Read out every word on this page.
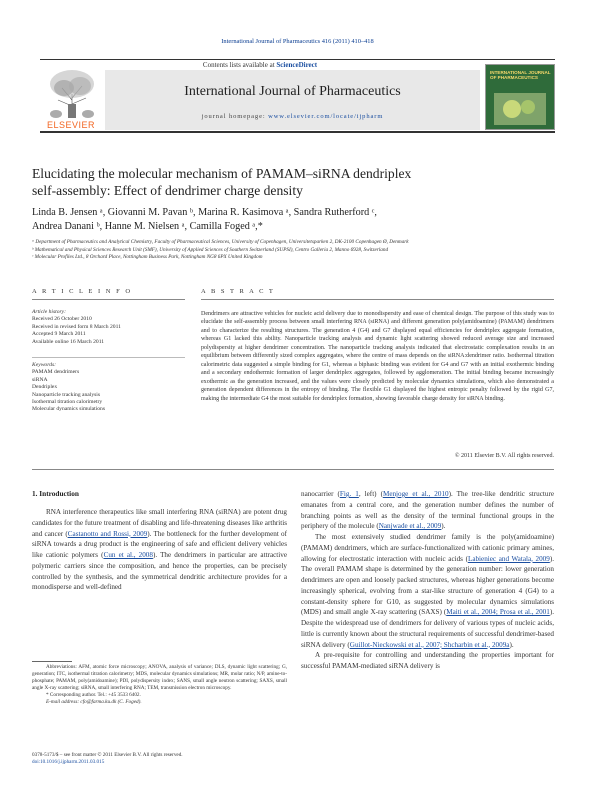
International Journal of Pharmaceutics 416 (2011) 410–418
Contents lists available at ScienceDirect
International Journal of Pharmaceutics
journal homepage: www.elsevier.com/locate/ijpharm
ELSEVIER
INTERNATIONAL JOURNAL OF PHARMACEUTICS
Elucidating the molecular mechanism of PAMAM–siRNA dendriplex
self-assembly: Effect of dendrimer charge density
Linda B. Jensen ᵃ, Giovanni M. Pavan ᵇ, Marina R. Kasimova ᵃ, Sandra Rutherford ᶜ,
Andrea Danani ᵇ, Hanne M. Nielsen ᵃ, Camilla Foged ᵃ,*
ᵃ Department of Pharmaceutics and Analytical Chemistry, Faculty of Pharmaceutical Sciences, University of Copenhagen, Universitetsparken 2, DK-2100 Copenhagen Ø, Denmark
ᵇ Mathematical and Physical Sciences Research Unit (SMF), University of Applied Sciences of Southern Switzerland (SUPSI), Centro Galleria 2, Manno 6928, Switzerland
ᶜ Molecular Profiles Ltd., 8 Orchard Place, Nottingham Business Park, Nottingham NG8 6PX United Kingdom
A R T I C L E I N F O	A B S T R A C T
Article history:
Received 26 October 2010
Received in revised form 8 March 2011
Accepted 9 March 2011
Available online 16 March 2011
Keywords:
PAMAM dendrimers
siRNA
Dendriplex
Nanoparticle tracking analysis
Isothermal titration calorimetry
Molecular dynamics simulations
Dendrimers are attractive vehicles for nucleic acid delivery due to monodispersity and ease of chemical design. The purpose of this study was to elucidate the self-assembly process between small interfering RNA (siRNA) and different generation poly(amidoamine) (PAMAM) dendrimers and to characterize the resulting structures. The generation 4 (G4) and G7 displayed equal efficiencies for dendriplex aggregate formation, whereas G1 lacked this ability. Nanoparticle tracking analysis and dynamic light scattering showed reduced average size and increased polydispersity at higher dendrimer concentration. The nanoparticle tracking analysis indicated that electrostatic complexation results in an equilibrium between differently sized complex aggregates, where the centre of mass depends on the siRNA:dendrimer ratio. Isothermal titration calorimetric data suggested a simple binding for G1, whereas a biphasic binding was evident for G4 and G7 with an initial exothermic binding and a secondary endothermic formation of larger dendriplex aggregates, followed by agglomeration. The initial binding became increasingly exothermic as the generation increased, and the values were closely predicted by molecular dynamics simulations, which also demonstrated a generation dependent differences in the entropy of binding. The flexible G1 displayed the highest entropic penalty followed by the rigid G7, making the intermediate G4 the most suitable for dendriplex formation, showing favorable charge density for siRNA binding.
© 2011 Elsevier B.V. All rights reserved.
1. Introduction

RNA interference therapeutics like small interfering RNA (siRNA) are potent drug candidates for the future treatment of disabling and life-threatening diseases like arthritis and cancer (Castanotto and Rossi, 2009). The bottleneck for the further development of siRNA towards a drug product is the engineering of safe and efficient delivery vehicles like cationic polymers (Cun et al., 2008). The dendrimers in particular are attractive polymeric carriers since the composition, and hence the properties, can be precisely controlled by the synthesis, and the symmetrical dendritic architecture provides for a monodisperse and well-defined

Abbreviations: AFM, atomic force microscopy; ANOVA, analysis of variance; DLS, dynamic light scattering; G, generation; ITC, isothermal titration calorimetry; MDS, molecular dynamics simulations; MR, molar ratio; N/P, amine-to-phosphate; PAMAM, poly(amidoamine); PDI, polydispersity index; SANS, small angle neutron scattering; SAXS, small angle X-ray scattering; siRNA, small interfering RNA; TEM, transmission electron microscopy.
* Corresponding author. Tel.: +45 3533 6402.
E-mail address: cfo@farma.ku.dk (C. Foged).
0378-5173/$ – see front matter © 2011 Elsevier B.V. All rights reserved.
doi:10.1016/j.ijpharm.2011.03.015

nanocarrier (Fig. 1, left) (Menjoge et al., 2010). The tree-like dendritic structure emanates from a central core, and the generation number defines the number of branching points as well as the density of the terminal functional groups in the periphery of the molecule (Nanjwade et al., 2009).

The most extensively studied dendrimer family is the poly(amidoamine) (PAMAM) dendrimers, which are surface-functionalized with cationic primary amines, allowing for electrostatic interaction with nucleic acids (Labieniec and Watala, 2009). The overall PAMAM shape is determined by the generation number: lower generation dendrimers are open and loosely packed structures, whereas higher generations become increasingly spherical, evolving from a star-like structure of generation 4 (G4) to a constant-density sphere for G10, as suggested by molecular dynamics simulations (MDS) and small angle X-ray scattering (SAXS) (Maiti et al., 2004; Prosa et al., 2001). Despite the widespread use of dendrimers for delivery of various types of nucleic acids, little is currently known about the structural requirements of successful dendrimer-based siRNA delivery (Guillot-Nieckowski et al., 2007; Shcharbin et al., 2009a).

A pre-requisite for controlling and understanding the properties important for successful PAMAM-mediated siRNA delivery is
